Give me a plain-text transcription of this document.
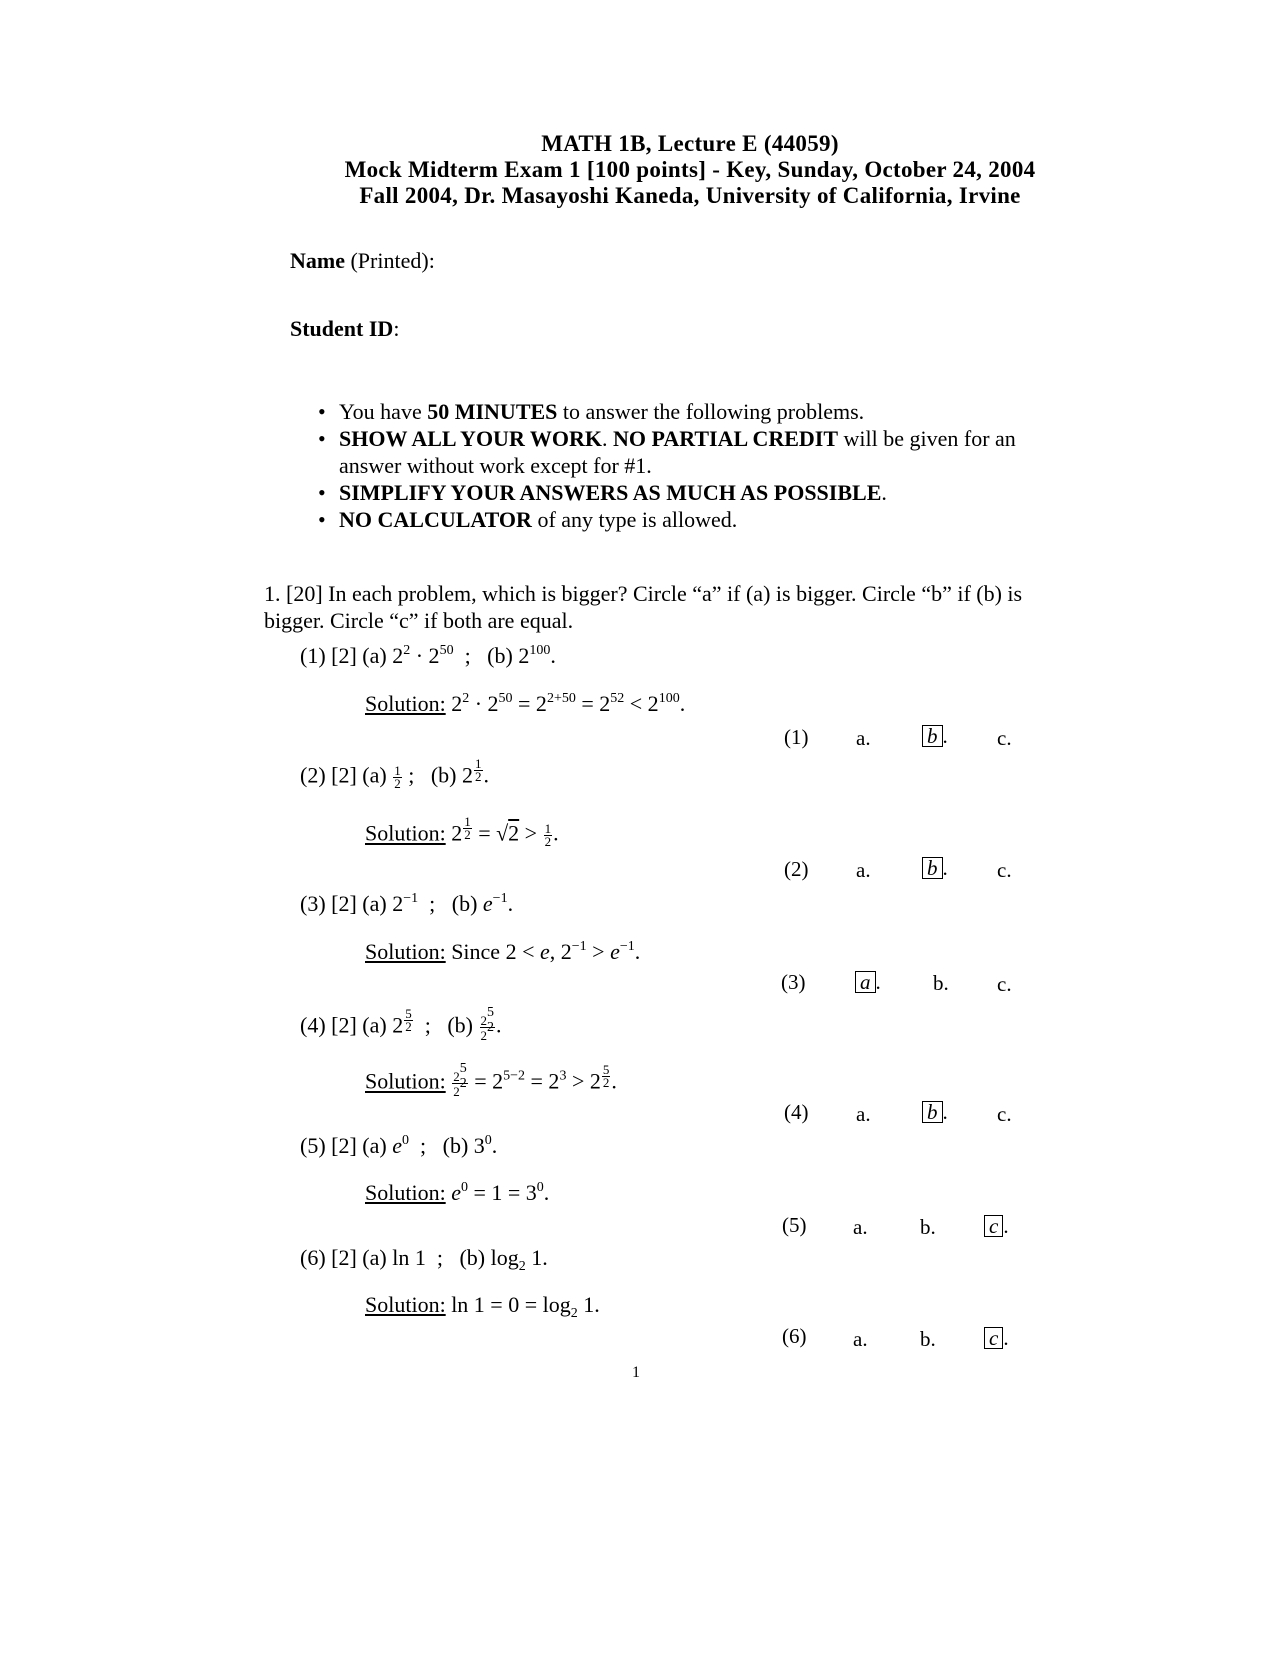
MATH 1B, Lecture E (44059)
Mock Midterm Exam 1 [100 points] - Key, Sunday, October 24, 2004
Fall 2004, Dr. Masayoshi Kaneda, University of California, Irvine
Name (Printed):
Student ID:
• You have 50 MINUTES to answer the following problems.
• SHOW ALL YOUR WORK. NO PARTIAL CREDIT will be given for an answer without work except for #1.
• SIMPLIFY YOUR ANSWERS AS MUCH AS POSSIBLE.
• NO CALCULATOR of any type is allowed.
1. [20] In each problem, which is bigger? Circle “a” if (a) is bigger. Circle “b” if (b) is bigger. Circle “c” if both are equal.
(1) [2] (a) $2^2 \cdot 2^{50}$  ;   (b) $2^{100}$.
Solution: $2^2 \cdot 2^{50} = 2^{2+50} = 2^{52} < 2^{100}$.
(1) a.	b . c.
(2) [2] $(a) \frac{1}{2}$ ;   (b) 2 $^{\frac{1}{2}}$ .
Solution: 2 $^{\frac{1}{2}} = √2 > \frac{1}{2}$ .
(2) a.	b . c.
(3) [2] (a) $2^{-1}$  ;   (b) $e^{-1}$.
Solution: Since 2 < e, $2^{-1} > e^{-1}$.
(3)	a . b. c.
(4) [2] (a) 2 $^{\frac{5}{2}}$ ;   $(b) \frac{2^5}{2^2}$ .
Solution: $\frac{2^5}{2^2} = 2^{5-2} = 2^3 > 2$ $^{\frac{5}{2}}$ .
(4) a.	b . c.
(5) [2] (a) $e^0$  ;   (b) $3^0$.
Solution: $e^0 = 1 = 3^0$.
(5) a. b.	c .
(6) [2] (a) ln 1  ;   (b) $\log_2 1$.
Solution: $\ln 1 = 0 = \log_2 1$.
(6) a. b.	c .
1
